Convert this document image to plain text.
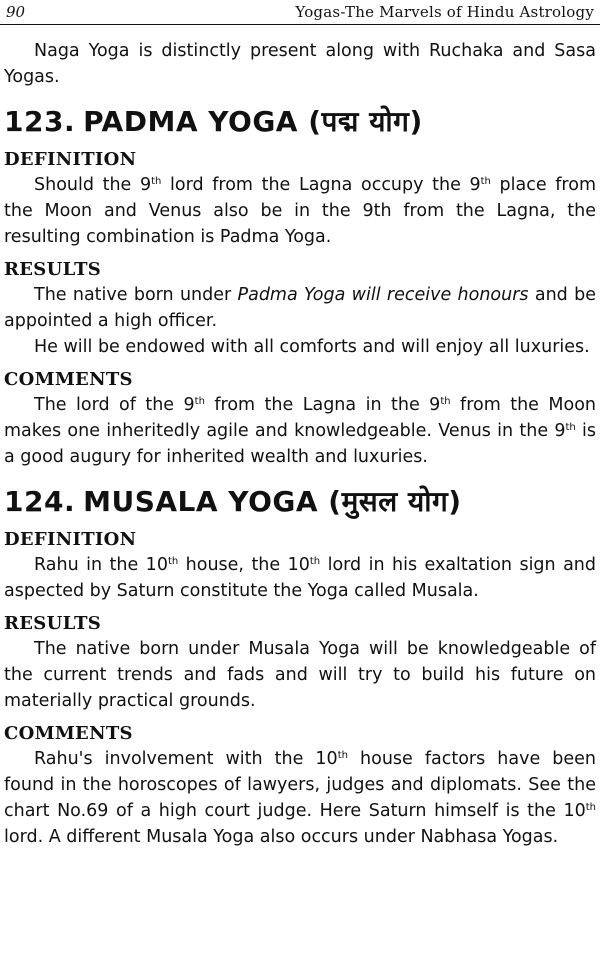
90	Yogas-The Marvels of Hindu Astrology

Naga Yoga is distinctly present along with Ruchaka and Sasa Yogas.

123. PADMA YOGA (पद्म योग)
DEFINITION

Should the 9th lord from the Lagna occupy the 9th place from the Moon and Venus also be in the 9th from the Lagna, the resulting combination is Padma Yoga.

RESULTS

The native born under Padma Yoga will receive honours and be appointed a high officer.

He will be endowed with all comforts and will enjoy all luxuries.

COMMENTS

The lord of the 9th from the Lagna in the 9th from the Moon makes one inheritedly agile and knowledgeable. Venus in the 9th is a good augury for inherited wealth and luxuries.

124. MUSALA YOGA (मुसल योग)
DEFINITION

Rahu in the 10th house, the 10th lord in his exaltation sign and aspected by Saturn constitute the Yoga called Musala.

RESULTS

The native born under Musala Yoga will be knowledgeable of the current trends and fads and will try to build his future on materially practical grounds.

COMMENTS

Rahu's involvement with the 10th house factors have been found in the horoscopes of lawyers, judges and diplomats. See the chart No.69 of a high court judge. Here Saturn himself is the 10th lord. A different Musala Yoga also occurs under Nabhasa Yogas.
